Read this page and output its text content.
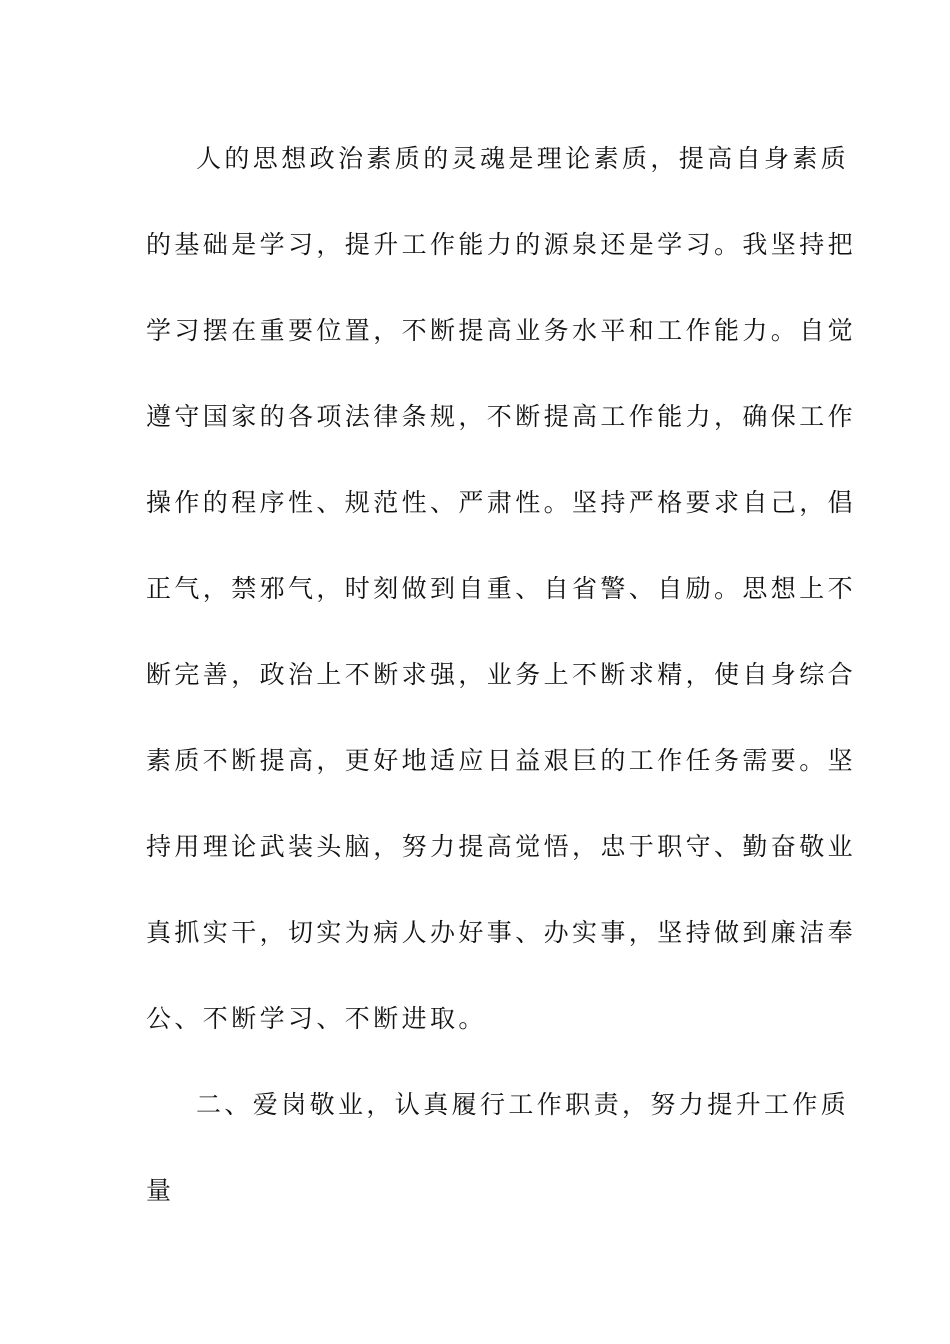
人的思想政治素质的灵魂是理论素质，提高自身素质
的基础是学习，提升工作能力的源泉还是学习。我坚持把
学习摆在重要位置，不断提高业务水平和工作能力。自觉
遵守国家的各项法律条规，不断提高工作能力，确保工作
操作的程序性、规范性、严肃性。坚持严格要求自己，倡
正气，禁邪气，时刻做到自重、自省警、自励。思想上不
断完善，政治上不断求强，业务上不断求精，使自身综合
素质不断提高，更好地适应日益艰巨的工作任务需要。坚
持用理论武装头脑，努力提高觉悟，忠于职守、勤奋敬业
真抓实干，切实为病人办好事、办实事，坚持做到廉洁奉
公、不断学习、不断进取。
二、爱岗敬业，认真履行工作职责，努力提升工作质
量
